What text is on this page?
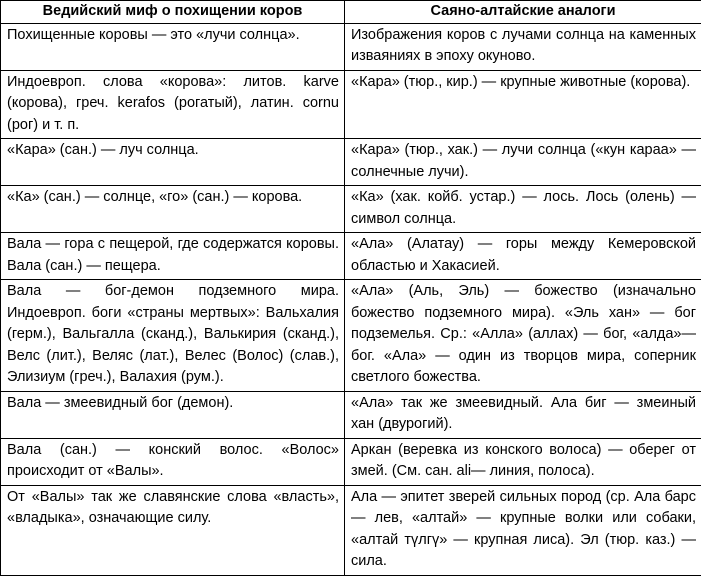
Ведийский миф о похищении коров	Саяно-алтайские аналоги
Похищенные коровы — это «лучи солнца».	Изображения коров с лучами солнца на каменных изваяниях в эпоху окуново.
Индоевроп. слова «корова»: литов. karve (корова), греч. kerafos (рогатый), латин. cornu (рог) и т. п.	«Кара» (тюр., кир.) — крупные животные (корова).
«Кара» (сан.) — луч солнца.	«Кара» (тюр., хак.) — лучи солнца («кун караа» — солнечные лучи).
«Ка» (сан.) — солнце, «го» (сан.) — корова.	«Ка» (хак. койб. устар.) — лось. Лось (олень) — символ солнца.
Вала — гора с пещерой, где содержатся коровы. Вала (сан.) — пещера.	«Ала» (Алатау) — горы между Кемеровской областью и Хакасией.
Вала — бог-демон подземного мира. Индоевроп. боги «страны мертвых»: Вальхалия (герм.), Вальгалла (сканд.), Валькирия (сканд.), Велс (лит.), Веляс (лат.), Велес (Волос) (слав.), Элизиум (греч.), Валахия (рум.).	«Ала» (Аль, Эль) — божество (изначально божество подземного мира). «Эль хан» — бог подземелья. Ср.: «Алла» (аллах) — бог, «алда»— бог. «Ала» — один из творцов мира, соперник светлого божества.
Вала — змеевидный бог (демон).	«Ала» так же змеевидный. Ала биг — змеиный хан (двурогий).
Вала (сан.) — конский волос. «Волос» происходит от «Валы».	Аркан (веревка из конского волоса) — оберег от змей. (См. сан. ali— линия, полоса).
От «Валы» так же славянские слова «власть», «владыка», означающие силу.	Ала — эпитет зверей сильных пород (ср. Ала барс — лев, «алтай» — крупные волки или собаки, «алтай түлгү» — крупная лиса). Эл (тюр. каз.) — сила.
